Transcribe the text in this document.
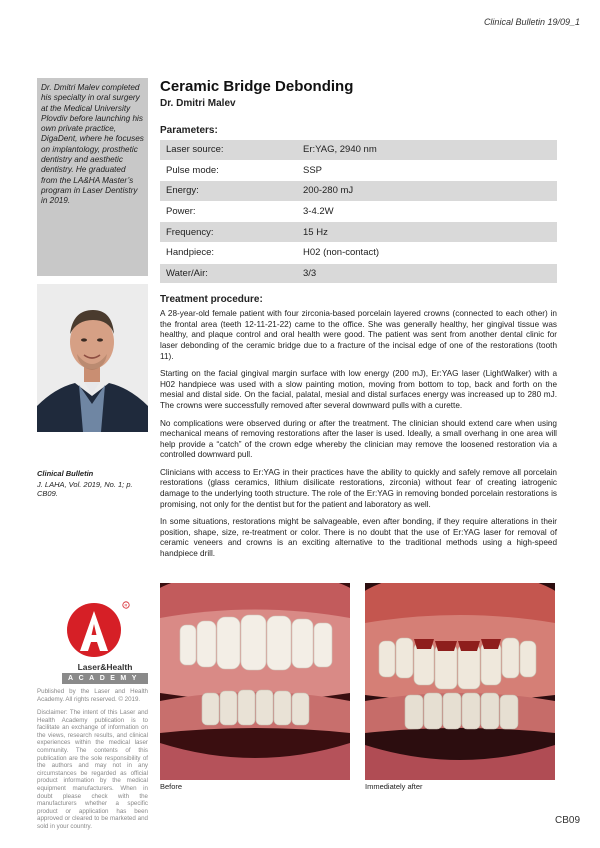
Clinical Bulletin 19/09_1
Dr. Dmitri Malev completed his specialty in oral surgery at the Medical University Plovdiv before launching his own private practice, DigaDent, where he focuses on implantology, prosthetic dentistry and aesthetic dentistry. He graduated from the LA&HA Master’s program in Laser Dentistry in 2019.
Clinical Bulletin
J. LAHA, Vol. 2019, No. 1; p. CB09.
R
Laser&Health
ACADEMY
Published by the Laser and Health Academy. All rights reserved. © 2019.
Disclaimer: The intent of this Laser and Health Academy publication is to facilitate an exchange of information on the views, research results, and clinical experiences within the medical laser community. The contents of this publication are the sole responsibility of the authors and may not in any circumstances be regarded as official product information by the medical equipment manufacturers. When in doubt please check with the manufacturers whether a specific product or application has been approved or cleared to be marketed and sold in your country.
Ceramic Bridge Debonding
Dr. Dmitri Malev
Parameters:
Laser source:	Er:YAG, 2940 nm
Pulse mode:	SSP
Energy:	200-280 mJ
Power:	3-4.2W
Frequency:	15 Hz
Handpiece:	H02 (non-contact)
Water/Air:	3/3
Treatment procedure:

A 28-year-old female patient with four zirconia-based porcelain layered crowns (connected to each other) in the frontal area (teeth 12-11-21-22) came to the office. She was generally healthy, her gingival tissue was healthy, and plaque control and oral health were good. The patient was sent from another dental clinic for laser debonding of the ceramic bridge due to a fracture of the incisal edge of one of the restorations (tooth 11).

Starting on the facial gingival margin surface with low energy (200 mJ), Er:YAG laser (LightWalker) with a H02 handpiece was used with a slow painting motion, moving from bottom to top, back and forth on the mesial and distal side. On the facial, palatal, mesial and distal surfaces energy was increased up to 280 mJ. The crowns were successfully removed after several downward pulls with a curette.

No complications were observed during or after the treatment. The clinician should extend care when using mechanical means of removing restorations after the laser is used. Ideally, a small overhang in one area will help provide a “catch” of the crown edge whereby the clinician may remove the loosened restoration via a controlled downward pull.

Clinicians with access to Er:YAG in their practices have the ability to quickly and safely remove all porcelain restorations (glass ceramics, lithium disilicate restorations, zirconia) without fear of creating iatrogenic damage to the underlying tooth structure. The role of the Er:YAG in removing bonded porcelain restorations is promising, not only for the dentist but for the patient and laboratory as well.

In some situations, restorations might be salvageable, even after bonding, if they require alterations in their position, shape, size, re-treatment or color. There is no doubt that the use of Er:YAG laser for removal of ceramic veneers and crowns is an exciting alternative to the traditional methods using a high-speed handpiece drill.

Before	Immediately after
CB09
